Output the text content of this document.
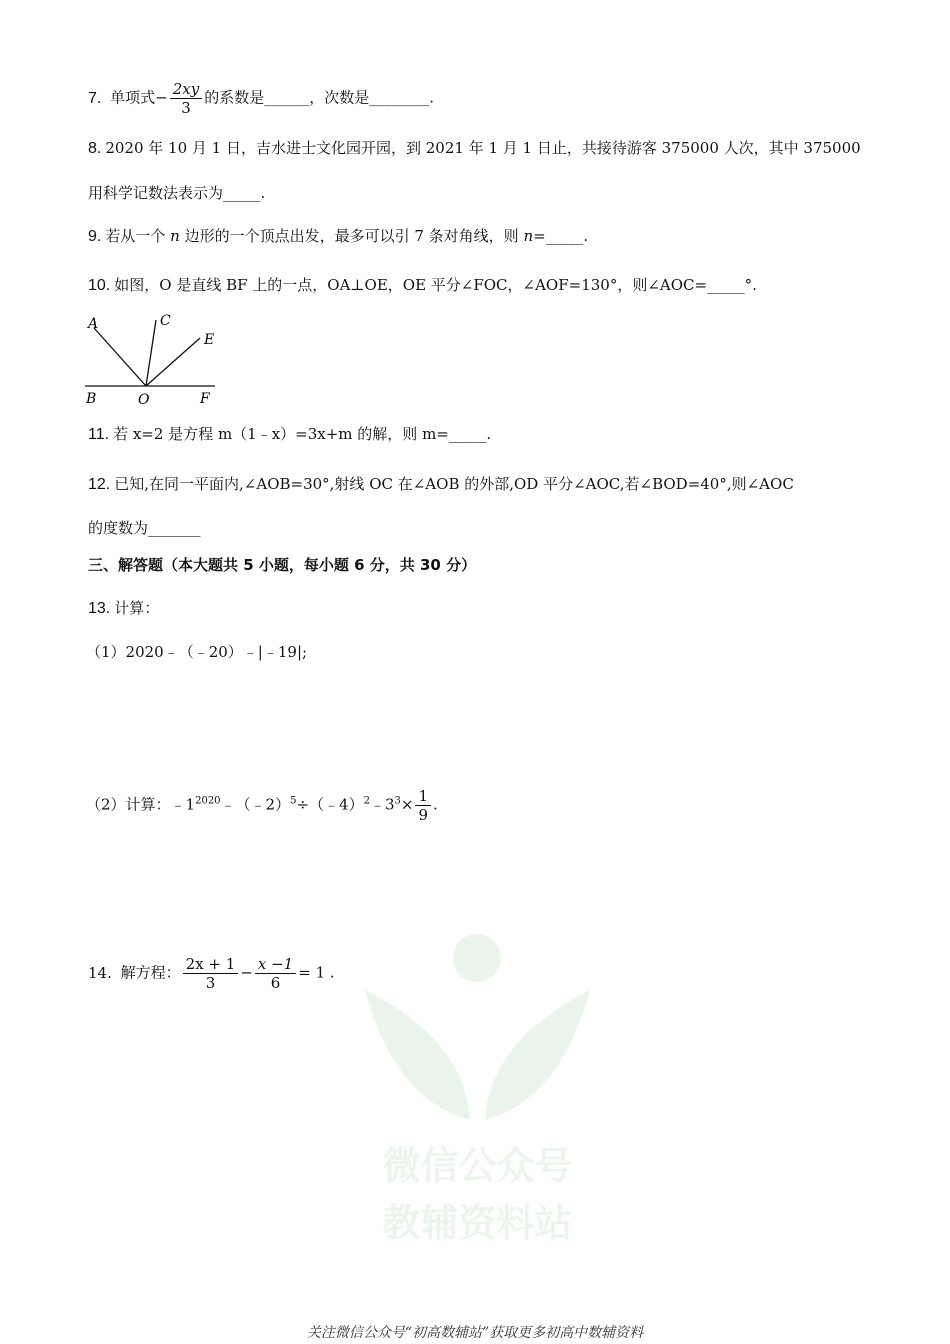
微信公众号
教辅资料站
7. 单项式− $\frac{2xy}{3}$ 的系数是______，次数是________.
8. 2020 年 10 月 1 日，吉水进士文化园开园，到 2021 年 1 月 1 日止，共接待游客 375000 人次，其中 375000
用科学记数法表示为_____.
9. 若从一个 n 边形的一个顶点出发，最多可以引 7 条对角线，则 n=_____.
10. 如图，O 是直线 BF 上的一点，OA⊥OE，OE 平分∠FOC，∠AOF=130°，则∠AOC=_____°.
A	C
E
B	O	F
11. 若 x=2 是方程 m（1﹣x）=3x+m 的解，则 m=_____.
12. 已知,在同一平面内,∠AOB=30°,射线 OC 在∠AOB 的外部,OD 平分∠AOC,若∠BOD=40°,则∠AOC
的度数为_______
三、解答题（本大题共 5 小题，每小题 6 分，共 30 分）
13. 计算：
（1）2020﹣（﹣20）﹣|﹣19|;
（2）计算：$﹣1^{2020}﹣(﹣2)^5\div(﹣4)^2﹣3^3\times \frac{1}{9}$ .
14. 解方程： $\frac{2x + 1}{3} - \frac{x -1}{6} = 1$ .
关注微信公众号“初高数辅站”获取更多初高中数辅资料
